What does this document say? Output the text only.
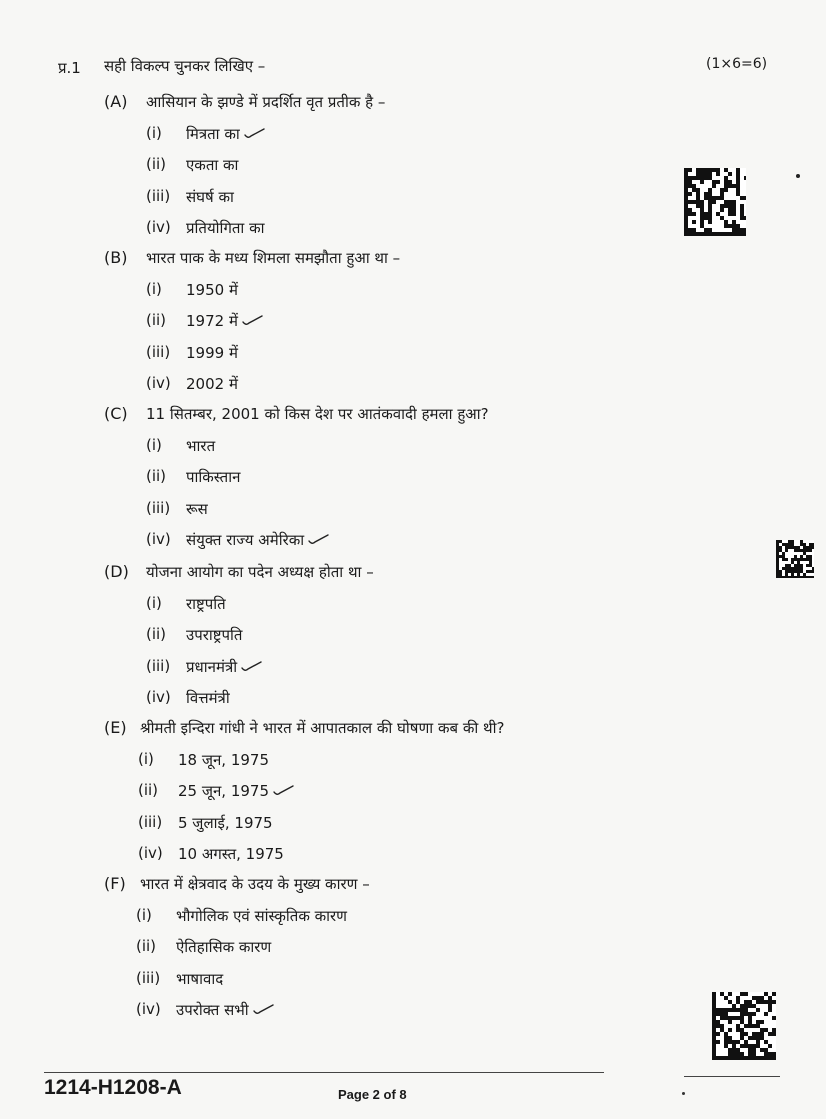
प्र.1 सही विकल्प चुनकर लिखिए –	(1×6=6)
(A) आसियान के झण्डे में प्रदर्शित वृत प्रतीक है –
(i) मित्रता का
(ii) एकता का
(iii) संघर्ष का
(iv) प्रतियोगिता का
(B) भारत पाक के मध्य शिमला समझौता हुआ था –
(i) 1950 में
(ii) 1972 में
(iii) 1999 में
(iv) 2002 में
(C) 11 सितम्बर, 2001 को किस देश पर आतंकवादी हमला हुआ?
(i) भारत
(ii) पाकिस्तान
(iii) रूस
(iv) संयुक्त राज्य अमेरिका
(D) योजना आयोग का पदेन अध्यक्ष होता था –
(i) राष्ट्रपति
(ii) उपराष्ट्रपति
(iii) प्रधानमंत्री
(iv) वित्तमंत्री
(E) श्रीमती इन्दिरा गांधी ने भारत में आपातकाल की घोषणा कब की थी?
(i) 18 जून, 1975
(ii) 25 जून, 1975
(iii) 5 जुलाई, 1975
(iv) 10 अगस्त, 1975
(F) भारत में क्षेत्रवाद के उदय के मुख्य कारण –
(i) भौगोलिक एवं सांस्कृतिक कारण
(ii) ऐतिहासिक कारण
(iii) भाषावाद
(iv) उपरोक्त सभी
1214-H1208-A	Page 2 of 8
